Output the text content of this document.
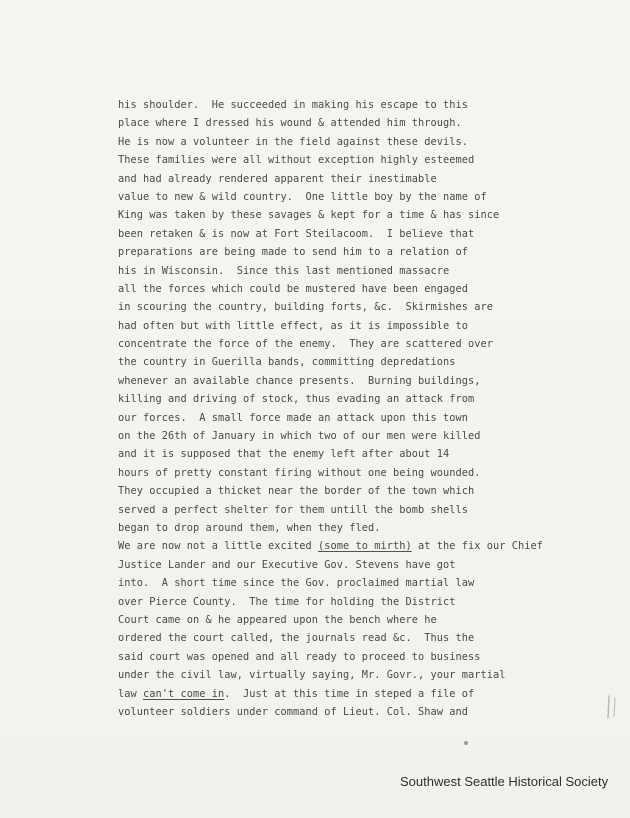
his shoulder.  He succeeded in making his escape to this
place where I dressed his wound & attended him through.
He is now a volunteer in the field against these devils.
These families were all without exception highly esteemed
and had already rendered apparent their inestimable
value to new & wild country.  One little boy by the name of
King was taken by these savages & kept for a time & has since
been retaken & is now at Fort Steilacoom.  I believe that
preparations are being made to send him to a relation of
his in Wisconsin.  Since this last mentioned massacre
all the forces which could be mustered have been engaged
in scouring the country, building forts, &c.  Skirmishes are
had often but with little effect, as it is impossible to
concentrate the force of the enemy.  They are scattered over
the country in Guerilla bands, committing depredations
whenever an available chance presents.  Burning buildings,
killing and driving of stock, thus evading an attack from
our forces.  A small force made an attack upon this town
on the 26th of January in which two of our men were killed
and it is supposed that the enemy left after about 14
hours of pretty constant firing without one being wounded.
They occupied a thicket near the border of the town which
served a perfect shelter for them untill the bomb shells
began to drop around them, when they fled.
We are now not a little excited (some to mirth) at the fix our Chief
Justice Lander and our Executive Gov. Stevens have got
into.  A short time since the Gov. proclaimed martial law
over Pierce County.  The time for holding the District
Court came on & he appeared upon the bench where he
ordered the court called, the journals read &c.  Thus the
said court was opened and all ready to proceed to business
under the civil law, virtually saying, Mr. Govr., your martial
law can't come in.  Just at this time in steped a file of
volunteer soldiers under command of Lieut. Col. Shaw and
Southwest Seattle Historical Society
